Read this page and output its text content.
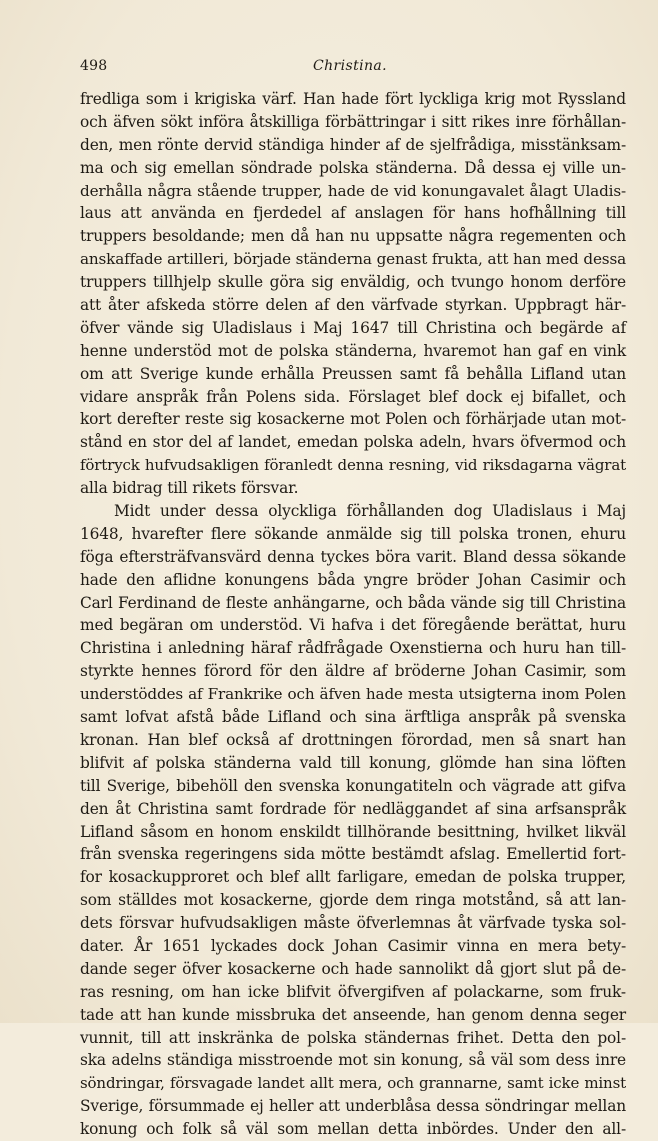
498	Christina.
fredliga som i krigiska värf. Han hade fört lyckliga krig mot Ryssland
och äfven sökt införa åtskilliga förbättringar i sitt rikes inre förhållan-
den, men rönte dervid ständiga hinder af de sjelfrådiga, misstänksam-
ma och sig emellan söndrade polska ständerna. Då dessa ej ville un-
derhålla några stående trupper, hade de vid konungavalet ålagt Uladis-
laus att använda en fjerdedel af anslagen för hans hofhållning till
truppers besoldande; men då han nu uppsatte några regementen och
anskaffade artilleri, började ständerna genast frukta, att han med dessa
truppers tillhjelp skulle göra sig enväldig, och tvungo honom derföre
att åter afskeda större delen af den värfvade styrkan. Uppbragt här-
öfver vände sig Uladislaus i Maj 1647 till Christina och begärde af
henne understöd mot de polska ständerna, hvaremot han gaf en vink
om att Sverige kunde erhålla Preussen samt få behålla Lifland utan
vidare anspråk från Polens sida. Förslaget blef dock ej bifallet, och
kort derefter reste sig kosackerne mot Polen och förhärjade utan mot-
stånd en stor del af landet, emedan polska adeln, hvars öfvermod och
förtryck hufvudsakligen föranledt denna resning, vid riksdagarna vägrat
alla bidrag till rikets försvar.
Midt under dessa olyckliga förhållanden dog Uladislaus i Maj
1648, hvarefter flere sökande anmälde sig till polska tronen, ehuru
föga eftersträfvansvärd denna tyckes böra varit. Bland dessa sökande
hade den aflidne konungens båda yngre bröder Johan Casimir och
Carl Ferdinand de fleste anhängarne, och båda vände sig till Christina
med begäran om understöd. Vi hafva i det föregående berättat, huru
Christina i anledning häraf rådfrågade Oxenstierna och huru han till-
styrkte hennes förord för den äldre af bröderne Johan Casimir, som
understöddes af Frankrike och äfven hade mesta utsigterna inom Polen
samt lofvat afstå både Lifland och sina ärftliga anspråk på svenska
kronan. Han blef också af drottningen förordad, men så snart han
blifvit af polska ständerna vald till konung, glömde han sina löften
till Sverige, bibehöll den svenska konungatiteln och vägrade att gifva
den åt Christina samt fordrade för nedläggandet af sina arfsanspråk
Lifland såsom en honom enskildt tillhörande besittning, hvilket likväl
från svenska regeringens sida mötte bestämdt afslag. Emellertid fort-
for kosackupproret och blef allt farligare, emedan de polska trupper,
som ställdes mot kosackerne, gjorde dem ringa motstånd, så att lan-
dets försvar hufvudsakligen måste öfverlemnas åt värfvade tyska sol-
dater. År 1651 lyckades dock Johan Casimir vinna en mera bety-
dande seger öfver kosackerne och hade sannolikt då gjort slut på de-
ras resning, om han icke blifvit öfvergifven af polackarne, som fruk-
tade att han kunde missbruka det anseende, han genom denna seger
vunnit, till att inskränka de polska ständernas frihet. Detta den pol-
ska adelns ständiga misstroende mot sin konung, så väl som dess inre
söndringar, försvagade landet allt mera, och grannarne, samt icke minst
Sverige, försummade ej heller att underblåsa dessa söndringar mellan
konung och folk så väl som mellan detta inbördes. Under den all-
